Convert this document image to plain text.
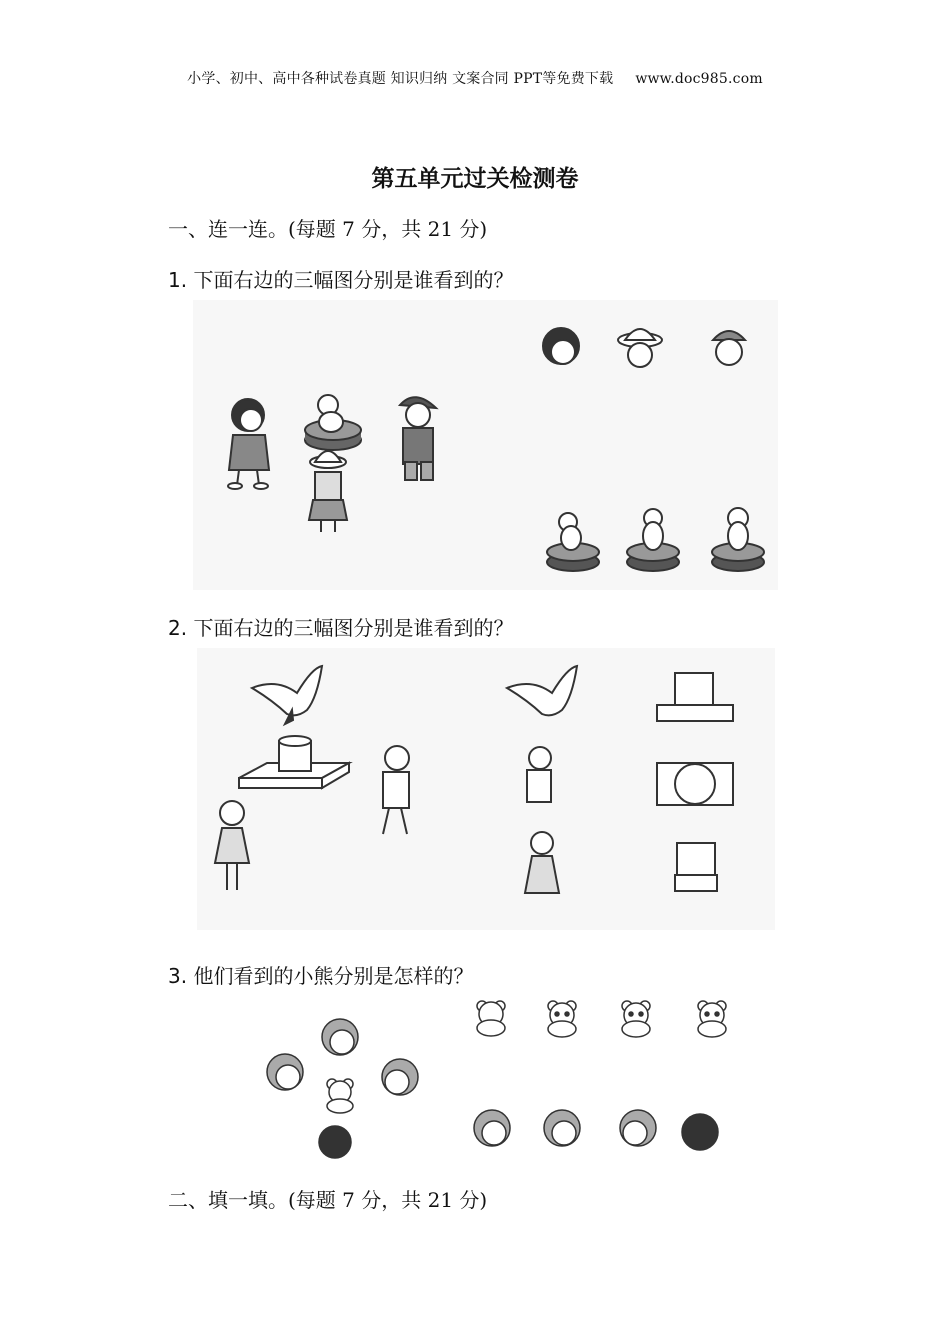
小学、初中、高中各种试卷真题 知识归纳 文案合同 PPT等免费下载 www.doc985.com
第五单元过关检测卷
一、连一连。(每题 7 分，共 21 分)
1. 下面右边的三幅图分别是谁看到的？
2. 下面右边的三幅图分别是谁看到的？
3. 他们看到的小熊分别是怎样的？
二、填一填。(每题 7 分，共 21 分)
